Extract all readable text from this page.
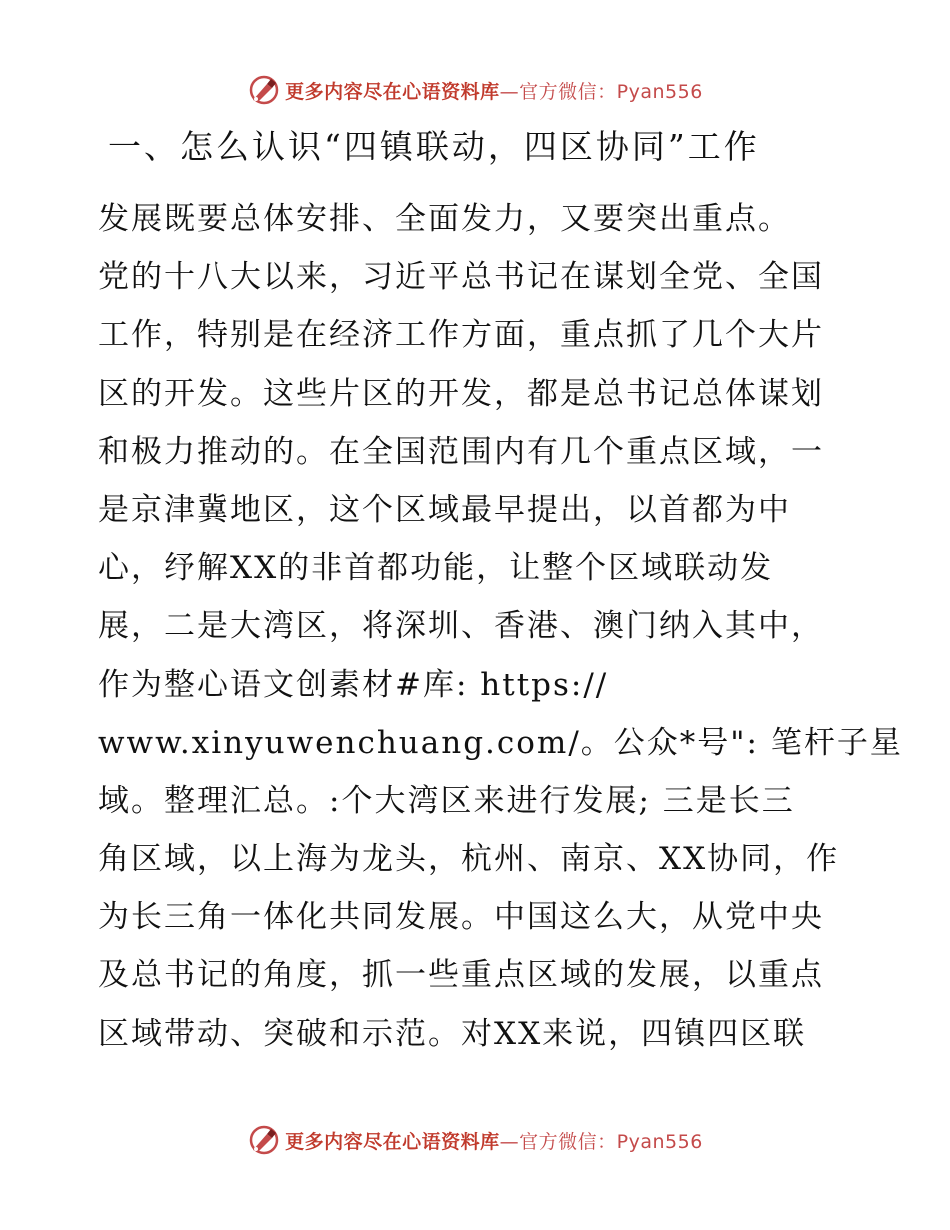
更多内容尽在心语资料库—官方微信：Pyan556
一、怎么认识“四镇联动，四区协同”工作
发展既要总体安排、全面发力，又要突出重点。
党的十八大以来，习近平总书记在谋划全党、全国
工作，特别是在经济工作方面，重点抓了几个大片
区的开发。这些片区的开发，都是总书记总体谋划
和极力推动的。在全国范围内有几个重点区域，一
是京津冀地区，这个区域最早提出，以首都为中
心，纾解XX的非首都功能，让整个区域联动发
展，二是大湾区，将深圳、香港、澳门纳入其中，
作为整心语文创素材#库: https://
www.xinyuwenchuang.com/。公众*号": 笔杆子星
域。整理汇总。:个大湾区来进行发展; 三是长三
角区域，以上海为龙头，杭州、南京、XX协同，作
为长三角一体化共同发展。中国这么大，从党中央
及总书记的角度，抓一些重点区域的发展，以重点
区域带动、突破和示范。对XX来说，四镇四区联
更多内容尽在心语资料库—官方微信：Pyan556
